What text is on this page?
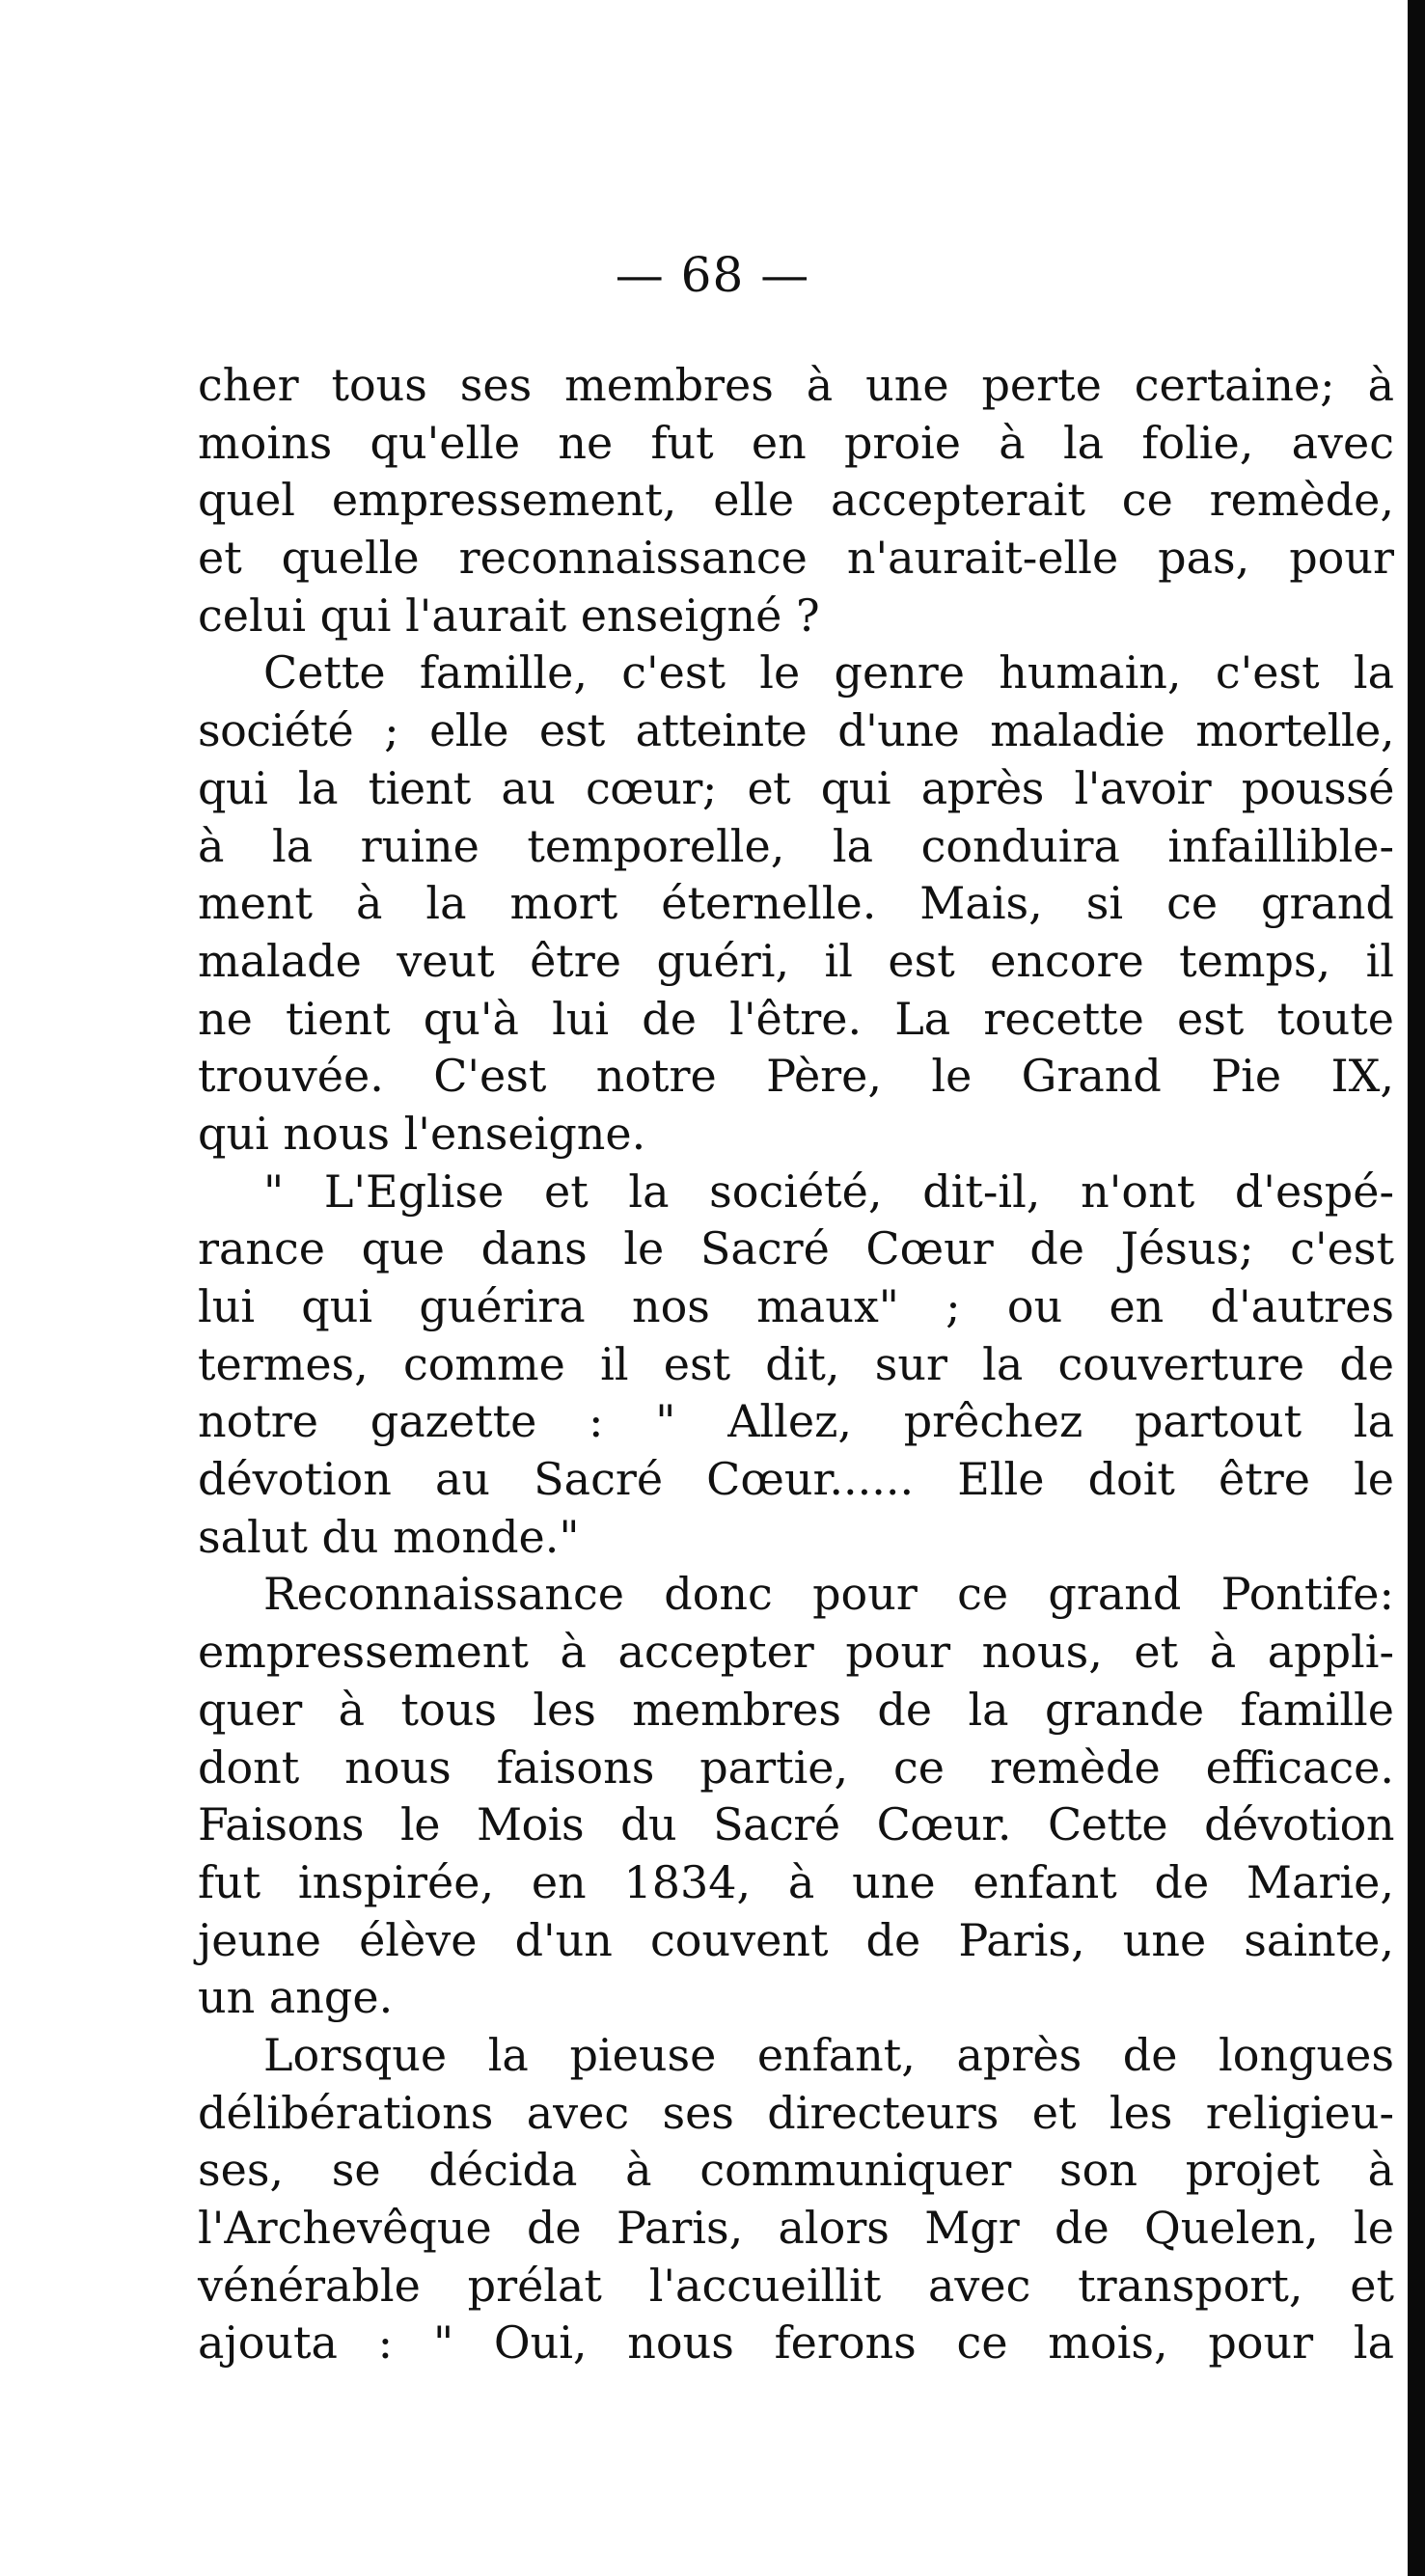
— 68 —
cher tous ses membres à une perte certaine; à
moins qu'elle ne fut en proie à la folie, avec
quel empressement, elle accepterait ce remède,
et quelle reconnaissance n'aurait-elle pas, pour
celui qui l'aurait enseigné ?
Cette famille, c'est le genre humain, c'est la
société ; elle est atteinte d'une maladie mortelle,
qui la tient au cœur; et qui après l'avoir poussé
à la ruine temporelle, la conduira infaillible-
ment à la mort éternelle. Mais, si ce grand
malade veut être guéri, il est encore temps, il
ne tient qu'à lui de l'être. La recette est toute
trouvée. C'est notre Père, le Grand Pie IX,
qui nous l'enseigne.
" L'Eglise et la société, dit-il, n'ont d'espé-
rance que dans le Sacré Cœur de Jésus; c'est
lui qui guérira nos maux" ; ou en d'autres
termes, comme il est dit, sur la couverture de
notre gazette : " Allez, prêchez partout la
dévotion au Sacré Cœur...... Elle doit être le
salut du monde."
Reconnaissance donc pour ce grand Pontife:
empressement à accepter pour nous, et à appli-
quer à tous les membres de la grande famille
dont nous faisons partie, ce remède efficace.
Faisons le Mois du Sacré Cœur. Cette dévotion
fut inspirée, en 1834, à une enfant de Marie,
jeune élève d'un couvent de Paris, une sainte,
un ange.
Lorsque la pieuse enfant, après de longues
délibérations avec ses directeurs et les religieu-
ses, se décida à communiquer son projet à
l'Archevêque de Paris, alors Mgr de Quelen, le
vénérable prélat l'accueillit avec transport, et
ajouta : " Oui, nous ferons ce mois, pour la
